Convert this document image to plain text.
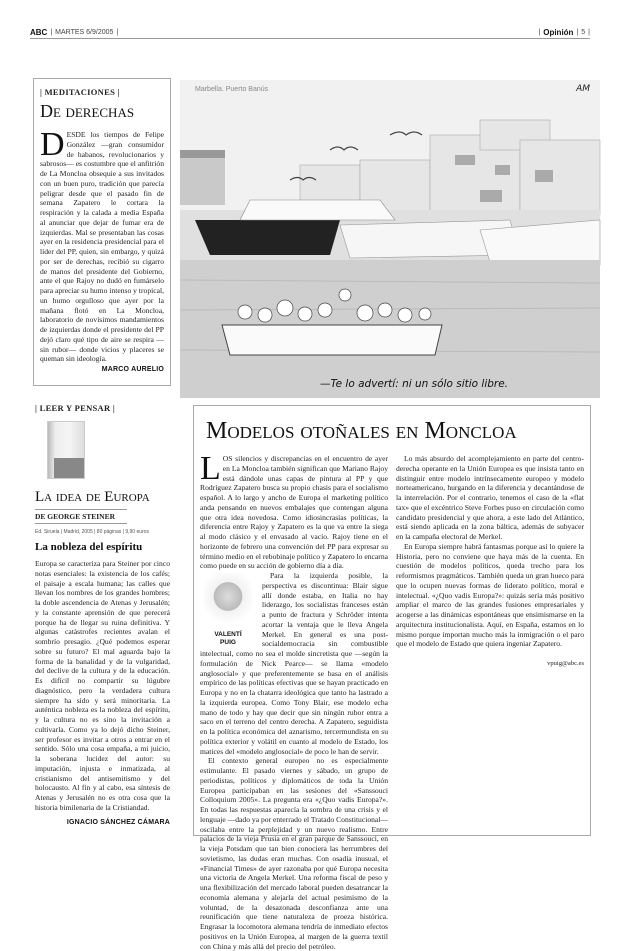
ABC | MARTES 6/9/2005 |	| Opinión | 5 |
| MEDITACIONES |
De derechas
DESDE los tiempos de Felipe González —gran consumidor de habanos, revolucionarios y sabrosos— es costumbre que el anfitrión de La Moncloa obsequie a sus invitados con un buen puro, tradición que parecía peligrar desde que el pasado fin de semana Zapatero le cortara la respiración y la calada a media España al anunciar que dejar de fumar era de izquierdas. Mal se presentaban las cosas ayer en la residencia presidencial para el líder del PP, quien, sin embargo, y quizá por ser de derechas, recibió su cigarro de manos del presidente del Gobierno, ante el que Rajoy no dudó en fumárselo para apreciar su humo intenso y tropical, un humo orgulloso que ayer por la mañana flotó en La Moncloa, laboratorio de novísimos mandamientos de izquierdas donde el presidente del PP dejó claro qué tipo de aire se respira —sin rubor— donde vicios y placeres se queman sin ideología.
MARCO AURELIO
Marbella. Puerto Banús	AM
—Te lo advertí: ni un sólo sitio libre.
| LEER Y PENSAR |
La idea de Europa
DE GEORGE STEINER
Ed. Siruela | Madrid, 2005 | 80 páginas | 9,90 euros
La nobleza del espíritu
Europa se caracteriza para Steiner por cinco notas esenciales: la existencia de los cafés; el paisaje a escala humana; las calles que llevan los nombres de los grandes hombres; la doble ascendencia de Atenas y Jerusalén; y la constante aprensión de que perecerá porque ha de llegar su ruina definitiva. Y algunas catástrofes recientes avalan el sombrío presagio. ¿Qué podemos esperar sobre su futuro? El mal aguarda bajo la forma de la banalidad y de la vulgaridad, del declive de la cultura y de la educación. Es difícil no compartir su lúgubre diagnóstico, pero la verdadera cultura siempre ha sido y será minoritaria. La auténtica nobleza es la nobleza del espíritu, y la cultura no es sino la invitación a cultivarla. Como ya lo dejó dicho Steiner, ser profesor es invitar a otros a entrar en el sentido. Sólo una cosa empaña, a mi juicio, la soberana lucidez del autor: su imputación, injusta e inmatizada, al cristianismo del antisemitismo y del holocausto. Al fin y al cabo, esa síntesis de Atenas y Jerusalén no es otra cosa que la historia bimilenaria de la Cristiandad.
IGNACIO SÁNCHEZ CÁMARA
Modelos otoñales en Moncloa

LOS silencios y discrepancias en el encuentro de ayer en La Moncloa también significan que Mariano Rajoy está dándole unas capas de pintura al PP y que Rodríguez Zapatero busca su propio chasis para el socialismo español. A lo largo y ancho de Europa el marketing político anda pensando en nuevos embalajes que contengan alguna que otra idea novedosa. Como idiosincrasias políticas, la diferencia entre Rajoy y Zapatero es la que va entre la siega al modo clásico y el envasado al vacío. Rajoy tiene en el horizonte de febrero una convención del PP para expresar su término medio en el rebobinaje político y Zapatero lo encarna como puede en su acción de gobierno día a día.

VALENTÍ PUIG

Para la izquierda posible, la perspectiva es discontinua: Blair sigue allí donde estaba, en Italia no hay liderazgo, los socialistas franceses están a punto de fractura y Schröder intenta acortar la ventaja que le lleva Angela Merkel. En general es una post-socialdemocracia sin combustible intelectual, como no sea el molde sincretista que —según la formulación de Nick Pearce— se llama «modelo anglosocial» y que preferentemente se basa en el análisis empírico de las políticas efectivas que se hayan practicado en Europa y no en la chatarra ideológica que tanto ha lastrado a la izquierda europea. Como Tony Blair, ese modelo echa mano de todo y hay que decir que sin ningún rubor entra a saco en el terreno del centro derecha. A Zapatero, seguidista en la política económica del aznarismo, tercermundista en su política exterior y volátil en cuanto al modelo de Estado, los matices del «modelo anglosocial» de poco le han de servir.

El contexto general europeo no es especialmente estimulante. El pasado viernes y sábado, un grupo de periodistas, políticos y diplomáticos de toda la Unión Europea participaban en las sesiones del «Sanssouci Colloquium 2005». La pregunta era «¿Quo vadis Europa?». En todas las respuestas aparecía la sombra de una crisis y el lenguaje —dado ya por enterrado el Tratado Constitucional— oscilaba entre la perplejidad y un nuevo realismo. Entre palacios de la vieja Prusia en el gran parque de Sanssouci, en la vieja Potsdam que tan bien conociera las herrumbres del sovietismo, las dudas eran muchas. Con osadía inusual, el «Financial Times» de ayer razonaba por qué Europa necesita una victoria de Angela Merkel. Una reforma fiscal de peso y una flexibilización del mercado laboral pueden desatrancar la economía alemana y alejarla del actual pesimismo de la voluntad, de la desazonada desconfianza ante una reunificación que tiene naturaleza de proeza histórica. Engrasar la locomotora alemana tendría de inmediato efectos positivos en la Unión Europea, al margen de la guerra textil con China y más allá del precio del petróleo.

Lo más absurdo del acomplejamiento en parte del centro-derecha operante en la Unión Europea es que insista tanto en distinguir entre modelo intrínsecamente europeo y modelo norteamericano, hurgando en la diferencia y decantándose de la interrelación. Por el contrario, tenemos el caso de la «flat tax» que el excéntrico Steve Forbes puso en circulación como candidato presidencial y que ahora, a este lado del Atlántico, está siendo aplicada en la zona báltica, además de subyacer en la campaña electoral de Merkel.

En Europa siempre habrá fantasmas porque así lo quiere la Historia, pero no conviene que haya más de la cuenta. En cuestión de modelos políticos, queda trecho para los reformismos pragmáticos. También queda un gran hueco para que lo ocupen nuevas formas de liderato político, moral e intelectual. «¿Quo vadis Europa?»: quizás sería más positivo ampliar el marco de las grandes fusiones empresariales y acogerse a las dinámicas espontáneas que ensimismarse en la arquitectura institucionalista. Aquí, en España, estamos en lo mismo porque importan mucho más la inmigración o el paro que el modelo de Estado que quiera ingeniar Zapatero.

vpuig@abc.es
